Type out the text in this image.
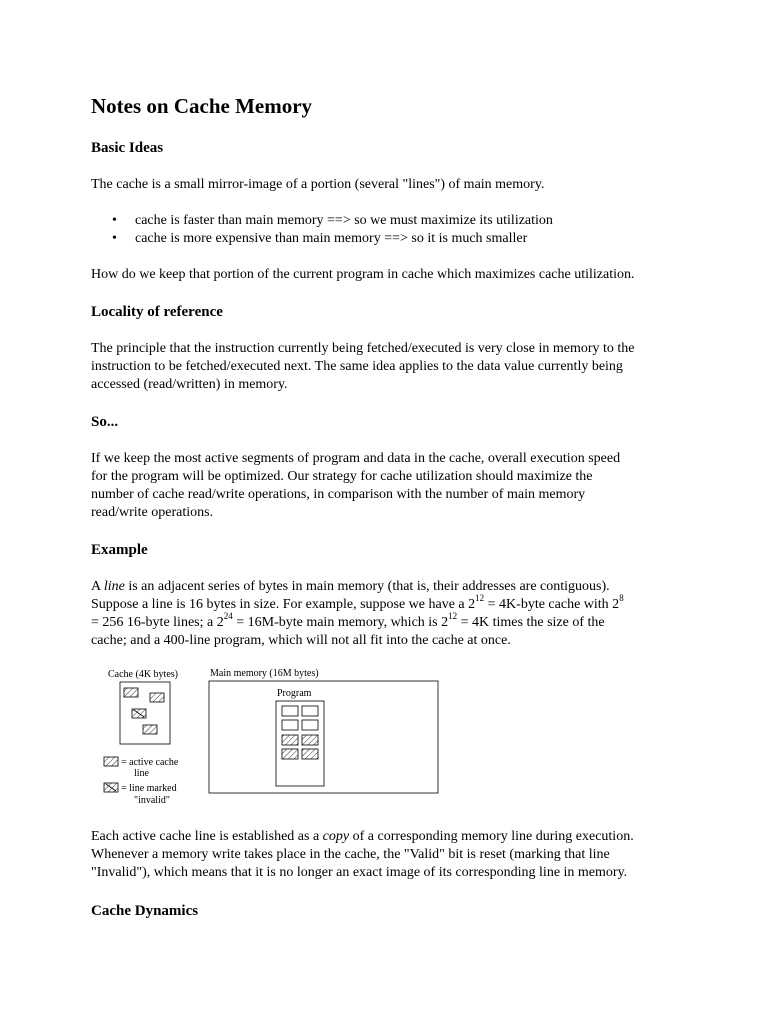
Notes on Cache Memory
Basic Ideas

The cache is a small mirror-image of a portion (several "lines") of main memory.

• cache is faster than main memory ==> so we must maximize its utilization
• cache is more expensive than main memory ==> so it is much smaller

How do we keep that portion of the current program in cache which maximizes cache utilization.

Locality of reference

The principle that the instruction currently being fetched/executed is very close in memory to the

instruction to be fetched/executed next. The same idea applies to the data value currently being

accessed (read/written) in memory.

So...

If we keep the most active segments of program and data in the cache, overall execution speed

for the program will be optimized. Our strategy for cache utilization should maximize the

number of cache read/write operations, in comparison with the number of main memory

read/write operations.

Example

A line is an adjacent series of bytes in main memory (that is, their addresses are contiguous).

Suppose a line is 16 bytes in size. For example, suppose we have a $2^{12}$ = 4K-byte cache with $2^8$

= 256 16-byte lines; a $2^{24}$ = 16M-byte main memory, which is $2^{12} = 4K$ times the size of the

cache; and a 400-line program, which will not all fit into the cache at once.

Cache (4K bytes)
= active cache
line
= line marked
"invalid"
Main memory (16M bytes)
Program

Each active cache line is established as a copy of a corresponding memory line during execution.

Whenever a memory write takes place in the cache, the "Valid" bit is reset (marking that line

"Invalid"), which means that it is no longer an exact image of its corresponding line in memory.

Cache Dynamics
